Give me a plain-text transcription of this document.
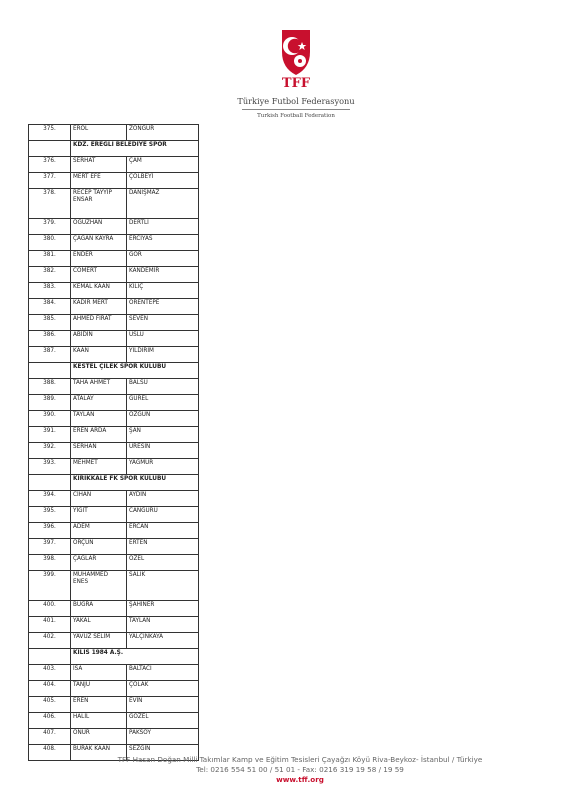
TFF
Türkiye Futbol Federasyonu
Turkish Football Federation
375.	EROL	ZONGUR
	KDZ. EREĞLİ BELEDİYE SPOR	
376.	SERHAT	ÇAM
377.	MERT EFE	ÇÖLBEYİ
378.	RECEP TAYYİP ENSAR	DANIŞMAZ
379.	OĞUZHAN	DERTLİ
380.	ÇAĞAN KAYRA	ERCİYAS
381.	ENDER	GÖR
382.	CÖMERT	KANDEMİR
383.	KEMAL KAAN	KILIÇ
384.	KADİR MERT	ÖRENTEPE
385.	AHMED FIRAT	SEVEN
386.	ABİDİN	USLU
387.	KAAN	YILDIRIM
	KESTEL ÇİLEK SPOR KULÜBÜ	
388.	TAHA AHMET	BALSU
389.	ATALAY	GÜREL
390.	TAYLAN	ÖZGÜN
391.	EREN ARDA	ŞAN
392.	SERHAN	ÜRESİN
393.	MEHMET	YAĞMUR
	KIRIKKALE FK SPOR KULÜBÜ	
394.	CİHAN	AYDIN
395.	YİĞİT	CANGURU
396.	ADEM	ERCAN
397.	ORÇUN	ERTEN
398.	ÇAĞLAR	ÖZEL
399.	MUHAMMED ENES	SALIK
400.	BUĞRA	ŞAHİNER
401.	YAKAL	TAYLAN
402.	YAVUZ SELİM	YALÇINKAYA
	KİLİS 1984 A.Ş.	
403.	İSA	BALTACI
404.	TANJU	ÇOLAK
405.	EREN	EVİN
406.	HALİL	GÖZEL
407.	ONUR	PAKSOY
408.	BURAK KAAN	SEZGİN
TFF Hasan Doğan Milli Takımlar Kamp ve Eğitim Tesisleri Çayağzı Köyü Riva-Beykoz- İstanbul / Türkiye
Tel: 0216 554 51 00 / 51 01 - Fax: 0216 319 19 58 / 19 59
www.tff.org
